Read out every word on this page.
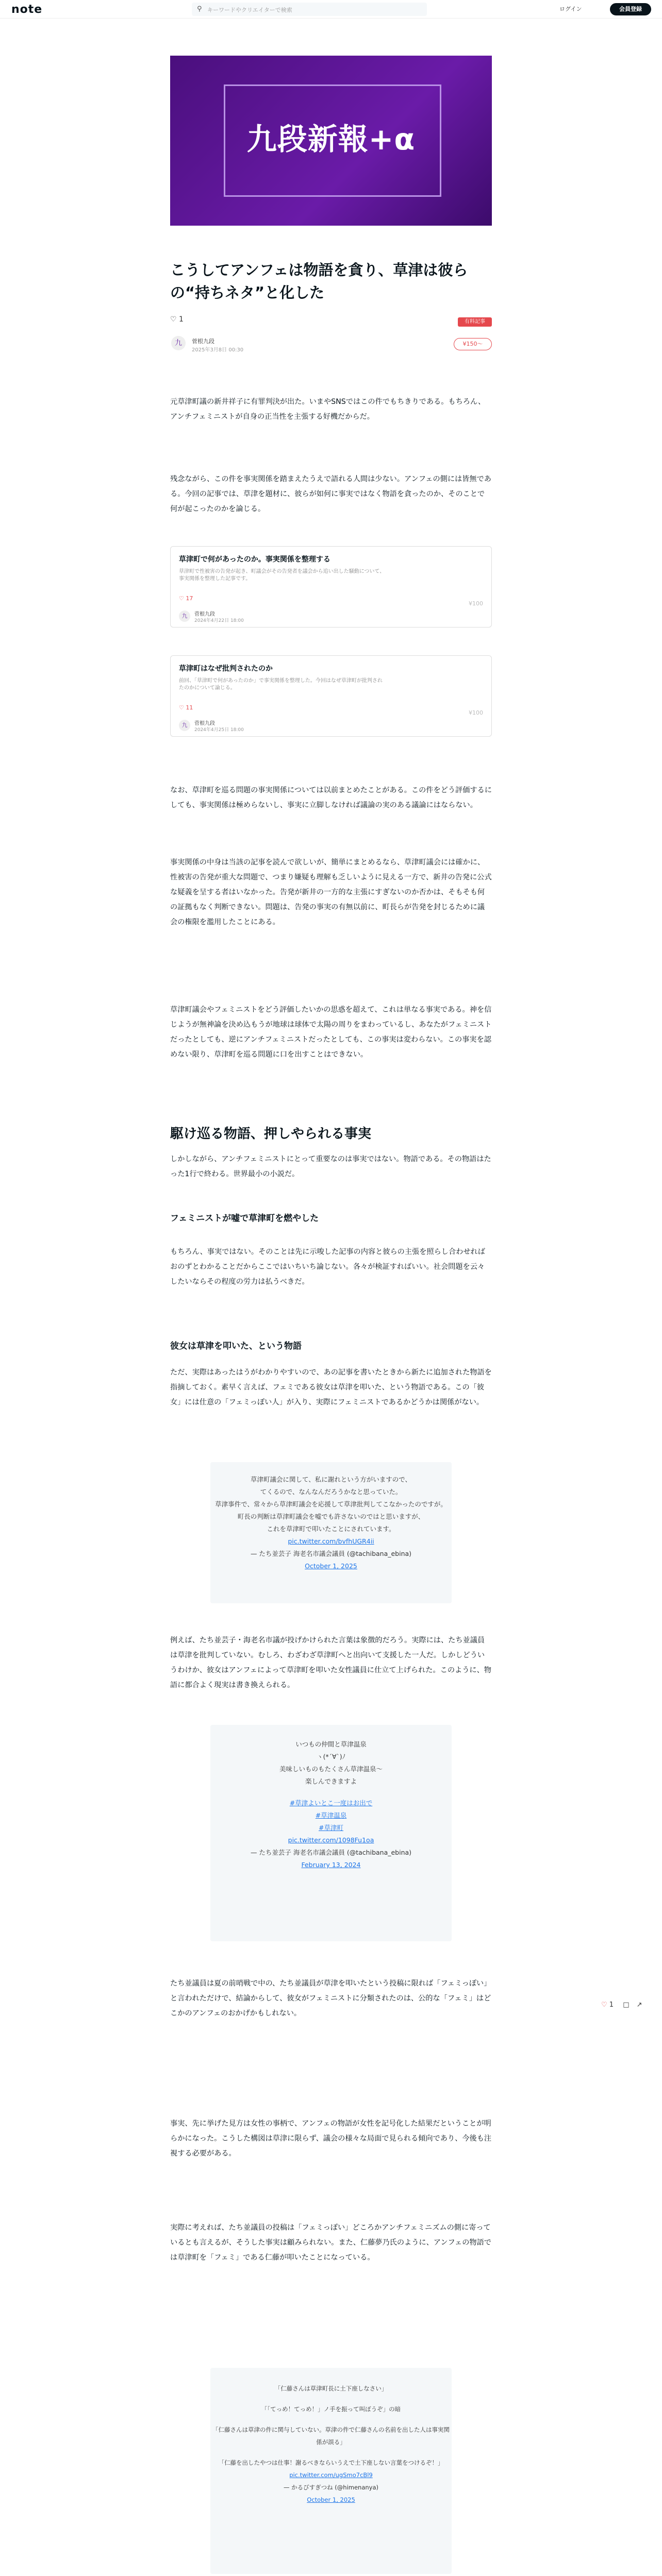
note	⚲ キーワードやクリエイターで検索	ログイン	会員登録
九段新報+α
こうしてアンフェは物語を貪り、草津は彼らの“持ちネタ”と化した
♡ 1	有料記事
九	菅根九段
2025年3月8日 00:30
¥150〜

元草津町議の新井祥子に有罪判決が出た。いまやSNSではこの件でもちきりである。もちろん、アンチフェミニストが自身の正当性を主張する好機だからだ。

残念ながら、この件を事実関係を踏まえたうえで語れる人間は少ない。アンフェの側には皆無である。今回の記事では、草津を題材に、彼らが如何に事実ではなく物語を貪ったのか、そのことで何が起こったのかを論じる。

草津町で何があったのか。事実関係を整理する
草津町で性被害の告発が起き、町議会がその告発者を議会から追い出した騒動について、事実関係を整理した記事です。
♡ 17
九	菅根九段
2024年4月22日 18:00
¥100
草津町はなぜ批判されたのか
前回、「草津町で何があったのか」で事実関係を整理した。今回はなぜ草津町が批判されたのかについて論じる。
♡ 11
九	菅根九段
2024年4月25日 18:00
¥100

なお、草津町を巡る問題の事実関係については以前まとめたことがある。この件をどう評価するにしても、事実関係は極めらないし、事実に立脚しなければ議論の実のある議論にはならない。

事実関係の中身は当該の記事を読んで欲しいが、簡単にまとめるなら、草津町議会には確かに、性被害の告発が重大な問題で、つまり嫌疑も理解も乏しいように見える一方で、新井の告発に公式な疑義を呈する者はいなかった。告発が新井の一方的な主張にすぎないのか否かは、そもそも何の証拠もなく判断できない。問題は、告発の事実の有無以前に、町長らが告発を封じるために議会の権限を濫用したことにある。

草津町議会やフェミニストをどう評価したいかの思惑を超えて、これは単なる事実である。神を信じようが無神論を決め込もうが地球は球体で太陽の周りをまわっているし、あなたがフェミニストだったとしても、逆にアンチフェミニストだったとしても、この事実は変わらない。この事実を認めない限り、草津町を巡る問題に口を出すことはできない。

駆け巡る物語、押しやられる事実

しかしながら、アンチフェミニストにとって重要なのは事実ではない。物語である。その物語はたった1行で終わる。世界最小の小説だ。

フェミニストが嘘で草津町を燃やした

もちろん、事実ではない。そのことは先に示唆した記事の内容と彼らの主張を照らし合わせればおのずとわかることだからここではいちいち論じない。各々が検証すればいい。社会問題を云々したいならその程度の労力は払うべきだ。

彼女は草津を叩いた、という物語

ただ、実際はあったはうがわかりやすいので、あの記事を書いたときから新たに追加された物語を指摘しておく。素早く言えば、フェミである彼女は草津を叩いた、という物語である。この「彼女」には仕意の「フェミっぽい人」が入り、実際にフェミニストであるかどうかは関係がない。

草津町議会に関して、私に謝れという方がいますので、
てくるので、なんなんだろうかなと思っていた。
草津事件で、常々から草津町議会を応援して草津批判してこなかったのですが。
町長の判断は草津町議会を嘘でも許さないのではと思いますが、
これを草津町で叩いたことにされています。
pic.twitter.com/bvfhUGR4ii
— たち並芸子 海老名市議会議員 (@tachibana_ebina)
October 1, 2025

例えば、たち並芸子・海老名市議が投げかけられた言葉は象徴的だろう。実際には、たち並議員は草津を批判していない。むしろ、わざわざ草津町へと出向いて支援した一人だ。しかしどういうわけか、彼女はアンフェによって草津町を叩いた女性議員に仕立て上げられた。このように、物語に都合よく現実は書き換えられる。

いつもの仲間と草津温泉
ヽ(*´∀`)ﾉ
美味しいものもたくさん草津温泉〜
楽しんできますよ
#草津よいとこ一度はお出で
#草津温泉
#草津町
pic.twitter.com/1098Fu1oa
— たち並芸子 海老名市議会議員 (@tachibana_ebina)
February 13, 2024

たち並議員は夏の前哨戦で中の、たち並議員が草津を叩いたという投稿に限れば「フェミっぽい」と言われただけで、結論からして、彼女がフェミニストに分類されたのは、公的な「フェミ」はどこかのアンフェのおかげかもしれない。

事実、先に挙げた見方は女性の事柄で、アンフェの物語が女性を記号化した結果だということが明らかになった。こうした構図は草津に限らず、議会の様々な局面で見られる傾向であり、今後も注視する必要がある。

実際に考えれば、たち並議員の投稿は「フェミっぽい」どころかアンチフェミニズムの側に寄っているとも言えるが、そうした事実は顧みられない。また、仁藤夢乃氏のように、アンフェの物語では草津町を「フェミ」である仁藤が叩いたことになっている。

「仁藤さんは草津町長に土下座しなさい」
「「てっめ！てっめ！」ノ手を振って叫ぼうぞ」の暗
「仁藤さんは草津の件に関与していない。草津の件で仁藤さんの名前を出した人は事実関係が誤る」
「仁藤を出したやつは仕事！謝るべきならいうえで土下座しない言葉をつけるぞ！」
pic.twitter.com/ugSmo7cBl9
— かるびすぎつね (@himenanya)
October 1, 2025

♡ 1 □ ↗
